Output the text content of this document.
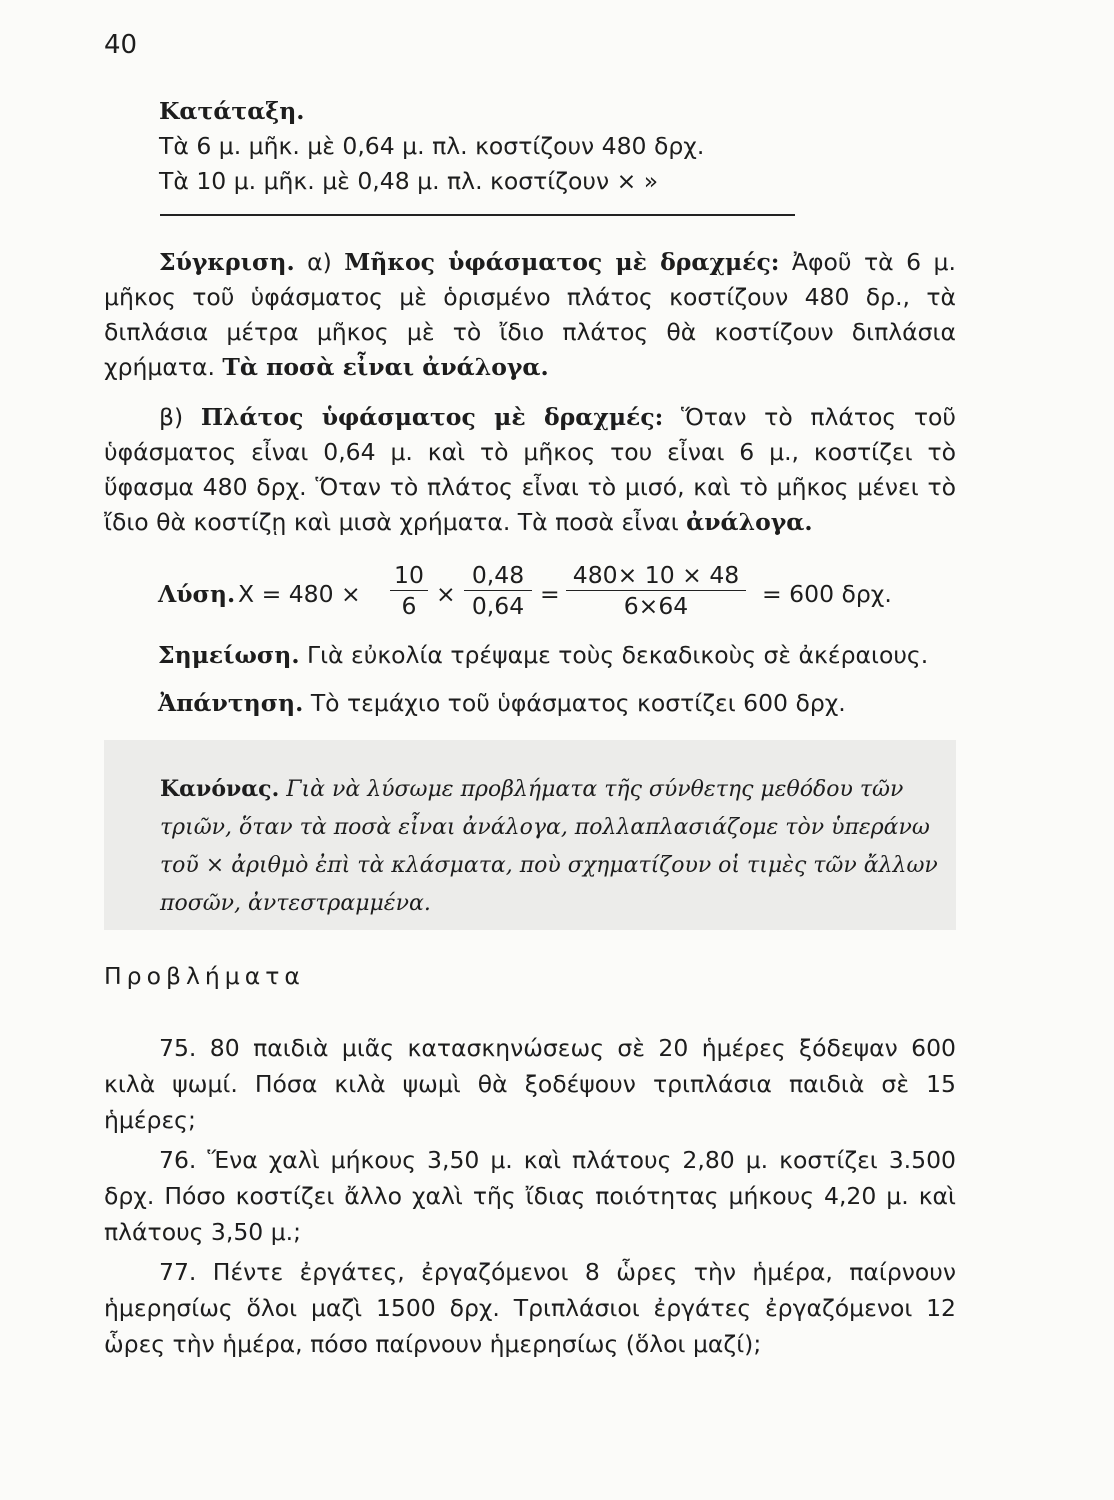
40
Κατάταξη.
Τὰ 6 μ. μῆκ. μὲ 0,64 μ. πλ. κοστίζουν 480 δρχ.
Τὰ 10 μ. μῆκ. μὲ 0,48 μ. πλ. κοστίζουν × »
Σύγκριση. α) Μῆκος ὑφάσματος μὲ δραχμές: Ἀφοῦ τὰ 6 μ. μῆκος τοῦ ὑφάσματος μὲ ὁρισμένο πλάτος κοστίζουν 480 δρ., τὰ διπλάσια μέτρα μῆκος μὲ τὸ ἴδιο πλάτος θὰ κοστίζουν διπλάσια χρήματα. Τὰ ποσὰ εἶναι ἀνάλογα.
β) Πλάτος ὑφάσματος μὲ δραχμές: Ὅταν τὸ πλάτος τοῦ ὑφάσματος εἶναι 0,64 μ. καὶ τὸ μῆκος του εἶναι 6 μ., κοστίζει τὸ ὕφασμα 480 δρχ. Ὅταν τὸ πλάτος εἶναι τὸ μισό, καὶ τὸ μῆκος μένει τὸ ἴδιο θὰ κοστίζῃ καὶ μισὰ χρήματα. Τὰ ποσὰ εἶναι ἀνάλογα.
Λύση. $X = 480 \times \frac{10}{6} \times \frac{0,48}{0,64} = \frac{480\times 10 \times 48}{6\times 64} = 600$ δρχ.
Σημείωση. Γιὰ εὐκολία τρέψαμε τοὺς δεκαδικοὺς σὲ ἀκέραιους.
Ἀπάντηση. Τὸ τεμάχιο τοῦ ὑφάσματος κοστίζει 600 δρχ.
Κανόνας. Γιὰ νὰ λύσωμε προβλήματα τῆς σύνθετης μεθόδου τῶν τριῶν, ὅταν τὰ ποσὰ εἶναι ἀνάλογα, πολλαπλασιάζομε τὸν ὑπεράνω τοῦ × ἀριθμὸ ἐπὶ τὰ κλάσματα, ποὺ σχηματίζουν οἱ τιμὲς τῶν ἄλλων ποσῶν, ἀντεστραμμένα.
Προβλήματα
75. 80 παιδιὰ μιᾶς κατασκηνώσεως σὲ 20 ἡμέρες ξόδεψαν 600 κιλὰ ψωμί. Πόσα κιλὰ ψωμὶ θὰ ξοδέψουν τριπλάσια παιδιὰ σὲ 15 ἡμέρες;
76. Ἕνα χαλὶ μήκους 3,50 μ. καὶ πλάτους 2,80 μ. κοστίζει 3.500 δρχ. Πόσο κοστίζει ἄλλο χαλὶ τῆς ἴδιας ποιότητας μήκους 4,20 μ. καὶ πλάτους 3,50 μ.;
77. Πέντε ἐργάτες, ἐργαζόμενοι 8 ὧρες τὴν ἡμέρα, παίρνουν ἡμερησίως ὅλοι μαζὶ 1500 δρχ. Τριπλάσιοι ἐργάτες ἐργαζόμενοι 12 ὧρες τὴν ἡμέρα, πόσο παίρνουν ἡμερησίως (ὅλοι μαζί);
